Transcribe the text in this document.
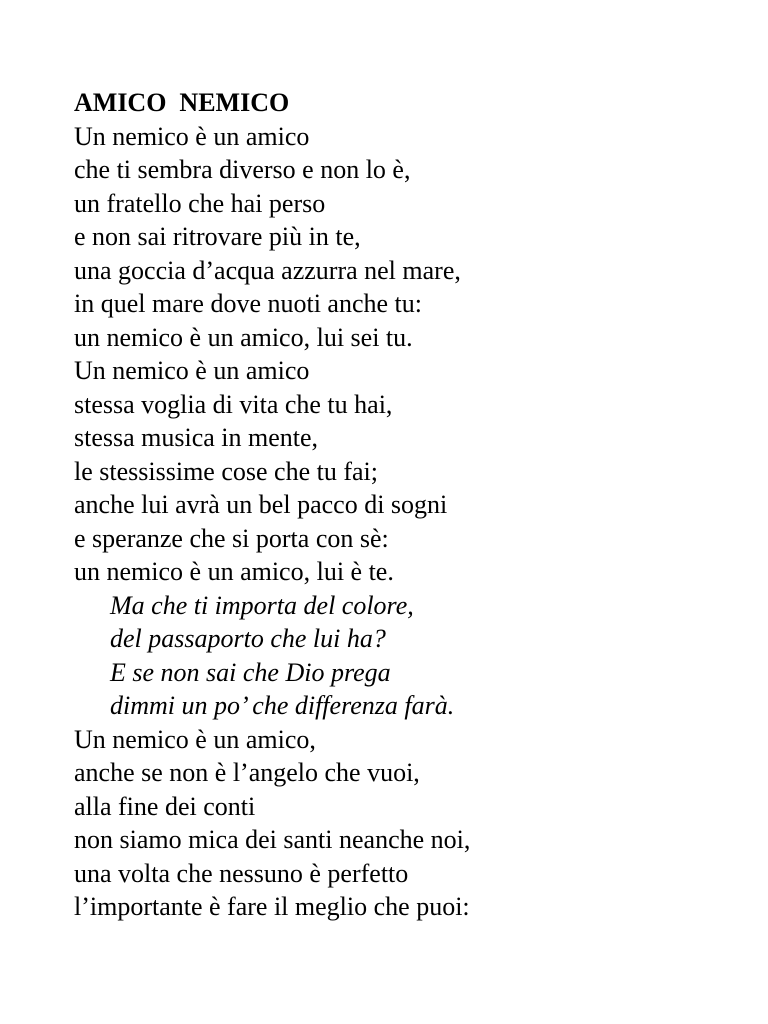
AMICO  NEMICO
Un nemico è un amico
che ti sembra diverso e non lo è,
un fratello che hai perso
e non sai ritrovare più in te,
una goccia d’acqua azzurra nel mare,
in quel mare dove nuoti anche tu:
un nemico è un amico, lui sei tu.
Un nemico è un amico
stessa voglia di vita che tu hai,
stessa musica in mente,
le stessissime cose che tu fai;
anche lui avrà un bel pacco di sogni
e speranze che si porta con sè:
un nemico è un amico, lui è te.
Ma che ti importa del colore,
del passaporto che lui ha?
E se non sai che Dio prega
dimmi un po’ che differenza farà.
Un nemico è un amico,
anche se non è l’angelo che vuoi,
alla fine dei conti
non siamo mica dei santi neanche noi,
una volta che nessuno è perfetto
l’importante è fare il meglio che puoi:
